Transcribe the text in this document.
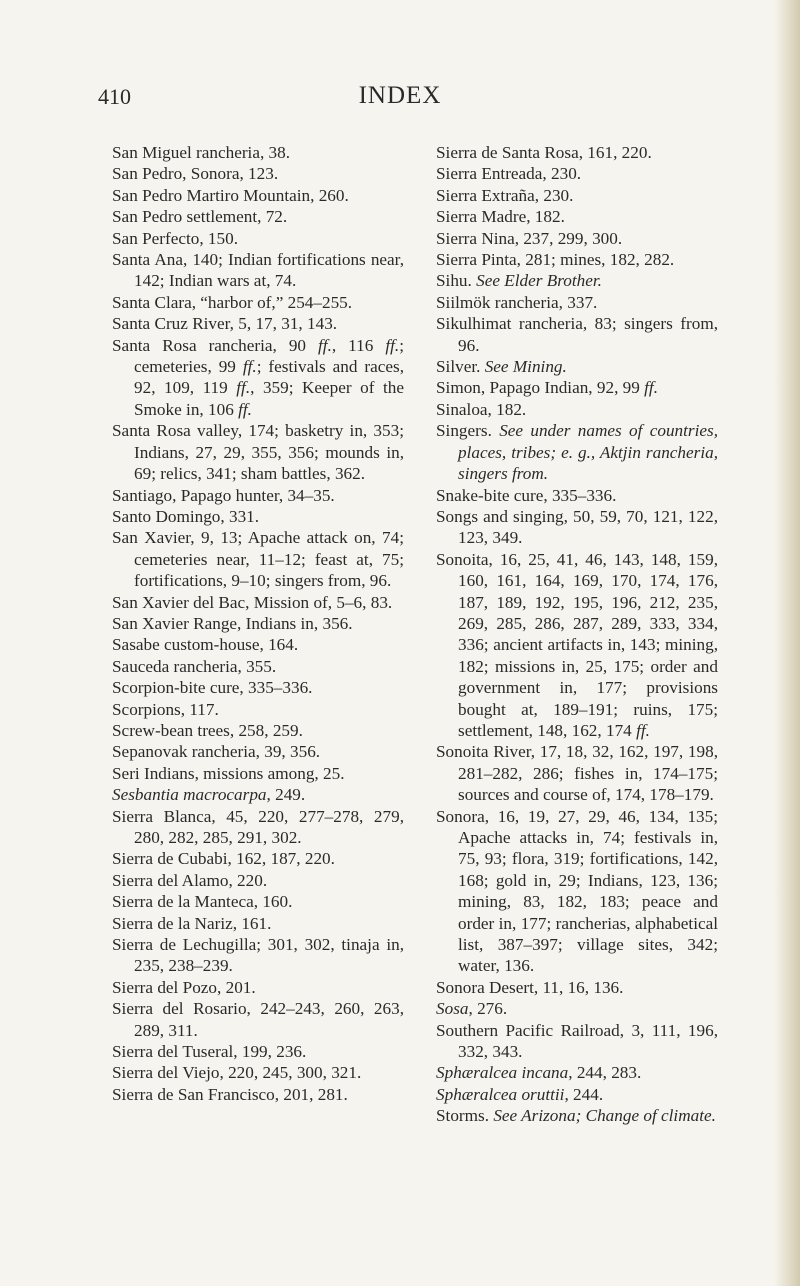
410	INDEX

San Miguel rancheria, 38.

San Pedro, Sonora, 123.

San Pedro Martiro Mountain, 260.

San Pedro settlement, 72.

San Perfecto, 150.

Santa Ana, 140; Indian fortifications near, 142; Indian wars at, 74.

Santa Clara, “harbor of,” 254–255.

Santa Cruz River, 5, 17, 31, 143.

Santa Rosa rancheria, 90 ff., 116 ff.; cemeteries, 99 ff.; festivals and races, 92, 109, 119 ff., 359; Keeper of the Smoke in, 106 ff.

Santa Rosa valley, 174; basketry in, 353; Indians, 27, 29, 355, 356; mounds in, 69; relics, 341; sham battles, 362.

Santiago, Papago hunter, 34–35.

Santo Domingo, 331.

San Xavier, 9, 13; Apache attack on, 74; cemeteries near, 11–12; feast at, 75; fortifications, 9–10; singers from, 96.

San Xavier del Bac, Mission of, 5–6, 83.

San Xavier Range, Indians in, 356.

Sasabe custom-house, 164.

Sauceda rancheria, 355.

Scorpion-bite cure, 335–336.

Scorpions, 117.

Screw-bean trees, 258, 259.

Sepanovak rancheria, 39, 356.

Seri Indians, missions among, 25.

Sesbantia macrocarpa, 249.

Sierra Blanca, 45, 220, 277–278, 279, 280, 282, 285, 291, 302.

Sierra de Cubabi, 162, 187, 220.

Sierra del Alamo, 220.

Sierra de la Manteca, 160.

Sierra de la Nariz, 161.

Sierra de Lechugilla; 301, 302, tinaja in, 235, 238–239.

Sierra del Pozo, 201.

Sierra del Rosario, 242–243, 260, 263, 289, 311.

Sierra del Tuseral, 199, 236.

Sierra del Viejo, 220, 245, 300, 321.

Sierra de San Francisco, 201, 281.

Sierra de Santa Rosa, 161, 220.

Sierra Entreada, 230.

Sierra Extraña, 230.

Sierra Madre, 182.

Sierra Nina, 237, 299, 300.

Sierra Pinta, 281; mines, 182, 282.

Sihu. See Elder Brother.

Siilmök rancheria, 337.

Sikulhimat rancheria, 83; singers from, 96.

Silver. See Mining.

Simon, Papago Indian, 92, 99 ff.

Sinaloa, 182.

Singers. See under names of countries, places, tribes; e. g., Aktjin rancheria, singers from.

Snake-bite cure, 335–336.

Songs and singing, 50, 59, 70, 121, 122, 123, 349.

Sonoita, 16, 25, 41, 46, 143, 148, 159, 160, 161, 164, 169, 170, 174, 176, 187, 189, 192, 195, 196, 212, 235, 269, 285, 286, 287, 289, 333, 334, 336; ancient artifacts in, 143; mining, 182; missions in, 25, 175; order and government in, 177; provisions bought at, 189–191; ruins, 175; settlement, 148, 162, 174 ff.

Sonoita River, 17, 18, 32, 162, 197, 198, 281–282, 286; fishes in, 174–175; sources and course of, 174, 178–179.

Sonora, 16, 19, 27, 29, 46, 134, 135; Apache attacks in, 74; festivals in, 75, 93; flora, 319; fortifications, 142, 168; gold in, 29; Indians, 123, 136; mining, 83, 182, 183; peace and order in, 177; rancherias, alphabetical list, 387–397; village sites, 342; water, 136.

Sonora Desert, 11, 16, 136.

Sosa, 276.

Southern Pacific Railroad, 3, 111, 196, 332, 343.

Sphæralcea incana, 244, 283.

Sphæralcea oruttii, 244.

Storms. See Arizona; Change of climate.
